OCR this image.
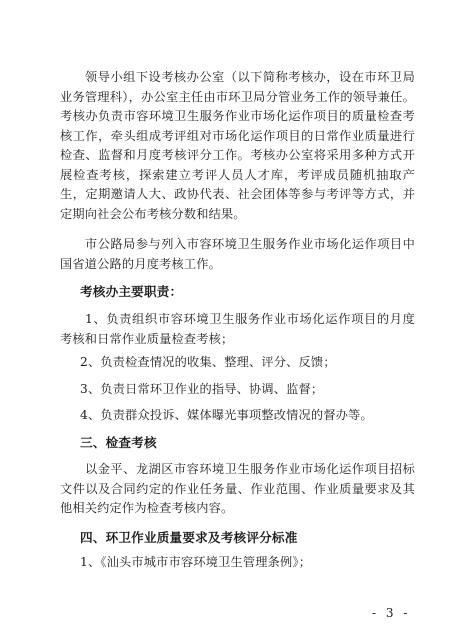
领导小组下设考核办公室（以下简称考核办，设在市环卫局业务管理科），办公室主任由市环卫局分管业务工作的领导兼任。考核办负责市容环境卫生服务作业市场化运作项目的质量检查考核工作，牵头组成考评组对市场化运作项目的日常作业质量进行检查、监督和月度考核评分工作。考核办公室将采用多种方式开展检查考核，探索建立考评人员人才库，考评成员随机抽取产生，定期邀请人大、政协代表、社会团体等参与考评等方式，并定期向社会公布考核分数和结果。

市公路局参与列入市容环境卫生服务作业市场化运作项目中国省道公路的月度考核工作。

考核办主要职责：

1、负责组织市容环境卫生服务作业市场化运作项目的月度考核和日常作业质量检查考核；

2、负责检查情况的收集、整理、评分、反馈；

3、负责日常环卫作业的指导、协调、监督；

4、负责群众投诉、媒体曝光事项整改情况的督办等。

三、检查考核

以金平、龙湖区市容环境卫生服务作业市场化运作项目招标文件以及合同约定的作业任务量、作业范围、作业质量要求及其他相关约定作为检查考核内容。

四、环卫作业质量要求及考核评分标准

1、《汕头市城市市容环境卫生管理条例》；

- 3 -
